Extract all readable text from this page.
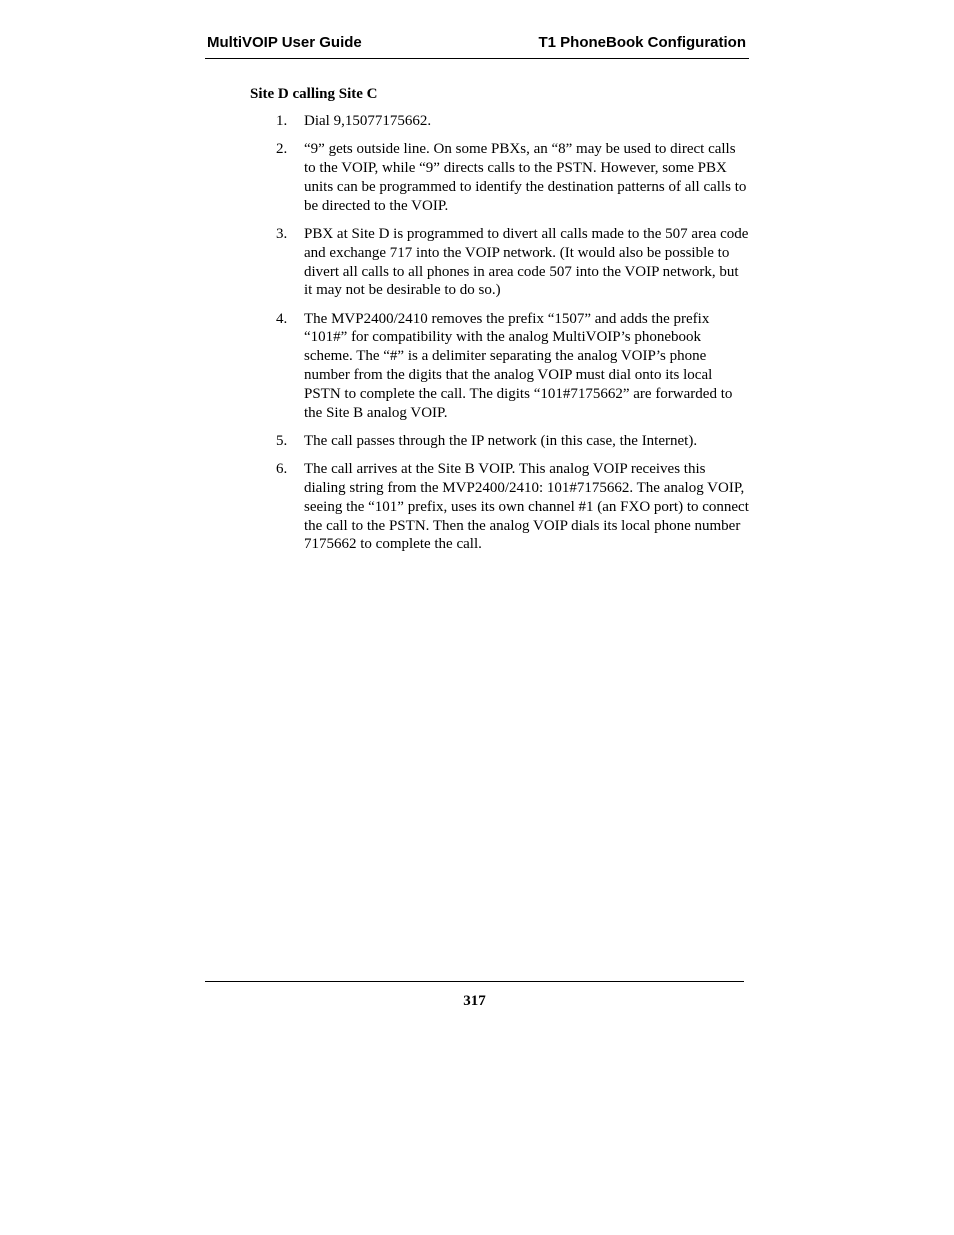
MultiVOIP User Guide	T1 PhoneBook Configuration
Site D calling Site C
1. Dial 9,15077175662.
2. “9” gets outside line. On some PBXs, an “8” may be used to direct calls to the VOIP, while “9” directs calls to the PSTN. However, some PBX units can be programmed to identify the destination patterns of all calls to be directed to the VOIP.
3. PBX at Site D is programmed to divert all calls made to the 507 area code and exchange 717 into the VOIP network. (It would also be possible to divert all calls to all phones in area code 507 into the VOIP network, but it may not be desirable to do so.)
4. The MVP2400/2410 removes the prefix “1507” and adds the prefix “101#” for compatibility with the analog MultiVOIP’s phonebook scheme. The “#” is a delimiter separating the analog VOIP’s phone number from the digits that the analog VOIP must dial onto its local PSTN to complete the call. The digits “101#7175662” are forwarded to the Site B analog VOIP.
5. The call passes through the IP network (in this case, the Internet).
6. The call arrives at the Site B VOIP. This analog VOIP receives this dialing string from the MVP2400/2410: 101#7175662. The analog VOIP, seeing the “101” prefix, uses its own channel #1 (an FXO port) to connect the call to the PSTN. Then the analog VOIP dials its local phone number 7175662 to complete the call.
317
